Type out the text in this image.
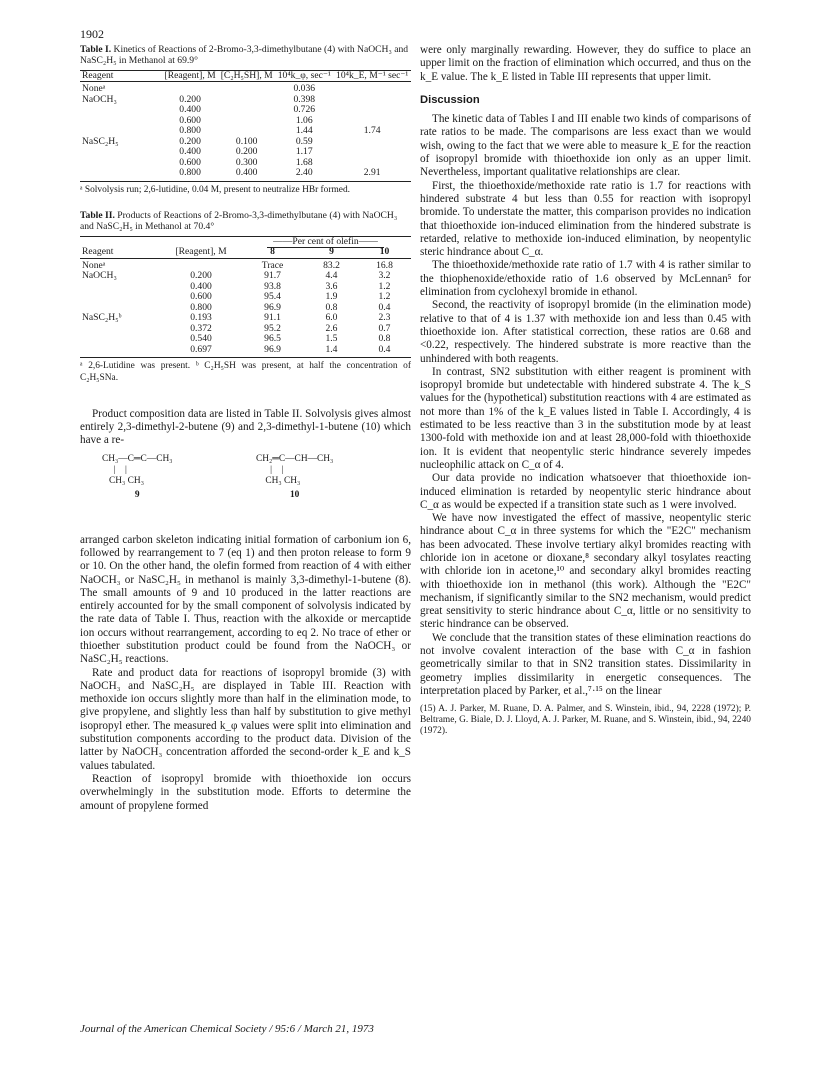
1902
Table I. Kinetics of Reactions of 2-Bromo-3,3-dimethylbutane (4) with NaOCH₃ and NaSC₂H₅ in Methanol at 69.9°
Reagent	[Reagent], M	[C₂H₅SH], M	10⁴k_φ, sec⁻¹	10⁴k_E, M⁻¹ sec⁻¹
Noneᵃ			0.036	
NaOCH₃	0.200		0.398	
	0.400		0.726	
	0.600		1.06	
	0.800		1.44	1.74
NaSC₂H₅	0.200	0.100	0.59	
	0.400	0.200	1.17	
	0.600	0.300	1.68	
	0.800	0.400	2.40	2.91
ᵃ Solvolysis run; 2,6-lutidine, 0.04 M, present to neutralize HBr formed.
Table II. Products of Reactions of 2-Bromo-3,3-dimethylbutane (4) with NaOCH₃ and NaSC₂H₅ in Methanol at 70.4°
		——Per cent of olefin——		
Reagent	[Reagent], M	8	9	10
Noneᵃ		Trace	83.2	16.8
NaOCH₃	0.200	91.7	4.4	3.2
	0.400	93.8	3.6	1.2
	0.600	95.4	1.9	1.2
	0.800	96.9	0.8	0.4
NaSC₂H₅ᵇ	0.193	91.1	6.0	2.3
	0.372	95.2	2.6	0.7
	0.540	96.5	1.5	0.8
	0.697	96.9	1.4	0.4
ᵃ 2,6-Lutidine was present. ᵇ C₂H₅SH was present, at half the concentration of C₂H₅SNa.

Product composition data are listed in Table II. Solvolysis gives almost entirely 2,3-dimethyl-2-butene (9) and 2,3-dimethyl-1-butene (10) which have a re-

CH₃—C═C—CH₃
|    |
CH₃ CH₃
9
CH₂═C—CH—CH₃
|    |
CH₃ CH₃
10

arranged carbon skeleton indicating initial formation of carbonium ion 6, followed by rearrangement to 7 (eq 1) and then proton release to form 9 or 10. On the other hand, the olefin formed from reaction of 4 with either NaOCH₃ or NaSC₂H₅ in methanol is mainly 3,3-dimethyl-1-butene (8). The small amounts of 9 and 10 produced in the latter reactions are entirely accounted for by the small component of solvolysis indicated by the rate data of Table I. Thus, reaction with the alkoxide or mercaptide ion occurs without rearrangement, according to eq 2. No trace of ether or thioether substitution product could be found from the NaOCH₃ or NaSC₂H₅ reactions.

Rate and product data for reactions of isopropyl bromide (3) with NaOCH₃ and NaSC₂H₅ are displayed in Table III. Reaction with methoxide ion occurs slightly more than half in the elimination mode, to give propylene, and slightly less than half by substitution to give methyl isopropyl ether. The measured k_φ values were split into elimination and substitution components according to the product data. Division of the latter by NaOCH₃ concentration afforded the second-order k_E and k_S values tabulated.

Reaction of isopropyl bromide with thioethoxide ion occurs overwhelmingly in the substitution mode. Efforts to determine the amount of propylene formed

were only marginally rewarding. However, they do suffice to place an upper limit on the fraction of elimination which occurred, and thus on the k_E value. The k_E listed in Table III represents that upper limit.

Discussion

The kinetic data of Tables I and III enable two kinds of comparisons of rate ratios to be made. The comparisons are less exact than we would wish, owing to the fact that we were able to measure k_E for the reaction of isopropyl bromide with thioethoxide ion only as an upper limit. Nevertheless, important qualitative relationships are clear.

First, the thioethoxide/methoxide rate ratio is 1.7 for reactions with hindered substrate 4 but less than 0.55 for reaction with isopropyl bromide. To understate the matter, this comparison provides no indication that thioethoxide ion-induced elimination from the hindered substrate is retarded, relative to methoxide ion-induced elimination, by neopentylic steric hindrance about C_α.

The thioethoxide/methoxide rate ratio of 1.7 with 4 is rather similar to the thiophenoxide/ethoxide ratio of 1.6 observed by McLennan⁵ for elimination from cyclohexyl bromide in ethanol.

Second, the reactivity of isopropyl bromide (in the elimination mode) relative to that of 4 is 1.37 with methoxide ion and less than 0.45 with thioethoxide ion. After statistical correction, these ratios are 0.68 and <0.22, respectively. The hindered substrate is more reactive than the unhindered with both reagents.

In contrast, SN2 substitution with either reagent is prominent with isopropyl bromide but undetectable with hindered substrate 4. The k_S values for the (hypothetical) substitution reactions with 4 are estimated as not more than 1% of the k_E values listed in Table I. Accordingly, 4 is estimated to be less reactive than 3 in the substitution mode by at least 1300-fold with methoxide ion and at least 28,000-fold with thioethoxide ion. It is evident that neopentylic steric hindrance severely impedes nucleophilic attack on C_α of 4.

Our data provide no indication whatsoever that thioethoxide ion-induced elimination is retarded by neopentylic steric hindrance about C_α as would be expected if a transition state such as 1 were involved.

We have now investigated the effect of massive, neopentylic steric hindrance about C_α in three systems for which the "E2C" mechanism has been advocated. These involve tertiary alkyl bromides reacting with chloride ion in acetone or dioxane,⁸ secondary alkyl tosylates reacting with chloride ion in acetone,¹⁰ and secondary alkyl bromides reacting with thioethoxide ion in methanol (this work). Although the "E2C" mechanism, if significantly similar to the SN2 mechanism, would predict great sensitivity to steric hindrance about C_α, little or no sensitivity to steric hindrance can be observed.

We conclude that the transition states of these elimination reactions do not involve covalent interaction of the base with C_α in fashion geometrically similar to that in SN2 transition states. Dissimilarity in geometry implies dissimilarity in energetic consequences. The interpretation placed by Parker, et al.,⁷·¹⁵ on the linear

(15) A. J. Parker, M. Ruane, D. A. Palmer, and S. Winstein, ibid., 94, 2228 (1972); P. Beltrame, G. Biale, D. J. Lloyd, A. J. Parker, M. Ruane, and S. Winstein, ibid., 94, 2240 (1972).
Journal of the American Chemical Society / 95:6 / March 21, 1973
